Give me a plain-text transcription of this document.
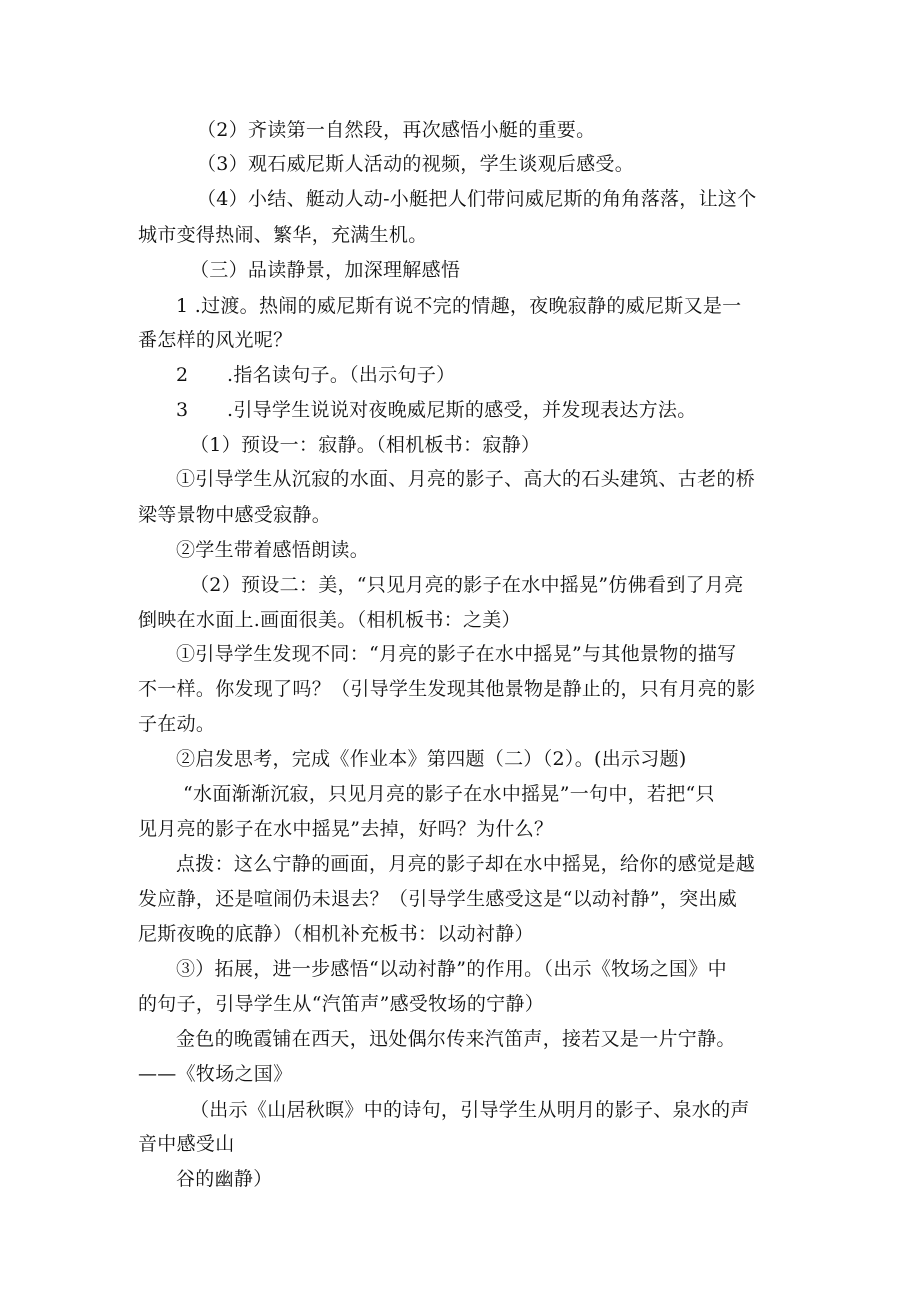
（2）齐读第一自然段，再次感悟小艇的重要。
（3）观石威尼斯人活动的视频，学生谈观后感受。
（4）小结、艇动人动-小艇把人们带问威尼斯的角角落落，让这个
城市变得热闹、繁华，充满生机。
（三）品读静景，加深理解感悟
1 .过渡。热闹的威尼斯有说不完的情趣，夜晚寂静的威尼斯又是一
番怎样的风光呢？
2　　.指名读句子。（出示句子）
3　　.引导学生说说对夜晚威尼斯的感受，并发现表达方法。
（1）预设一：寂静。（相机板书：寂静）
①引导学生从沉寂的水面、月亮的影子、高大的石头建筑、古老的桥
梁等景物中感受寂静。
②学生带着感悟朗读。
（2）预设二：美，“只见月亮的影子在水中摇晃”仿佛看到了月亮
倒映在水面上.画面很美。（相机板书：之美）
①引导学生发现不同：“月亮的影子在水中摇晃”与其他景物的描写
不一样。你发现了吗？（引导学生发现其他景物是静止的，只有月亮的影
子在动。
②启发思考，完成《作业本》第四题（二）（2）。(出示习题)
“水面渐渐沉寂，只见月亮的影子在水中摇晃”一句中，若把“只
见月亮的影子在水中摇晃”去掉，好吗？为什么？
点拨：这么宁静的画面，月亮的影子却在水中摇晃，给你的感觉是越
发应静，还是喧闹仍未退去？（引导学生感受这是“以动衬静”，突出威
尼斯夜晚的底静）（相机补充板书：以动衬静）
③）拓展，进一步感悟“以动衬静”的作用。（出示《牧场之国》中
的句子，引导学生从“汽笛声”感受牧场的宁静）
金色的晚霞铺在西天，迅处偶尔传来汽笛声，接若又是一片宁静。
——《牧场之国》
（出示《山居秋暝》中的诗句，引导学生从明月的影子、泉水的声
音中感受山
谷的幽静）
